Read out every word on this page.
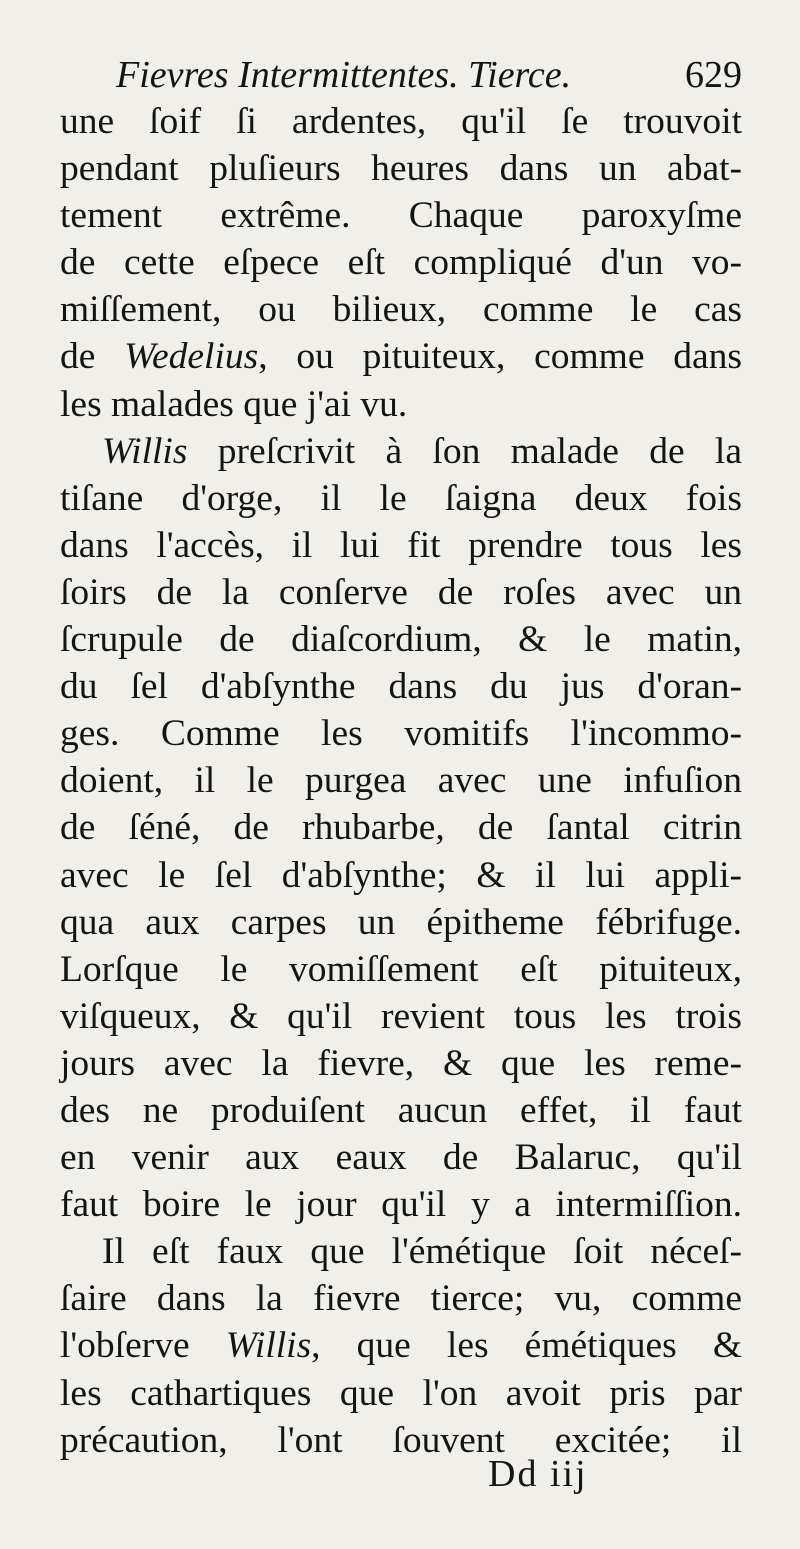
Fievres Intermittentes. Tierce.	629
une ſoif ſi ardentes, qu'il ſe trouvoit
pendant pluſieurs heures dans un abat-
tement extrême. Chaque paroxyſme
de cette eſpece eſt compliqué d'un vo-
miſſement, ou bilieux, comme le cas
de Wedelius, ou pituiteux, comme dans
les malades que j'ai vu.
Willis preſcrivit à ſon malade de la
tiſane d'orge, il le ſaigna deux fois
dans l'accès, il lui fit prendre tous les
ſoirs de la conſerve de roſes avec un
ſcrupule de diaſcordium, & le matin,
du ſel d'abſynthe dans du jus d'oran-
ges. Comme les vomitifs l'incommo-
doient, il le purgea avec une infuſion
de ſéné, de rhubarbe, de ſantal citrin
avec le ſel d'abſynthe; & il lui appli-
qua aux carpes un épitheme fébrifuge.
Lorſque le vomiſſement eſt pituiteux,
viſqueux, & qu'il revient tous les trois
jours avec la fievre, & que les reme-
des ne produiſent aucun effet, il faut
en venir aux eaux de Balaruc, qu'il
faut boire le jour qu'il y a intermiſſion.
Il eſt faux que l'émétique ſoit néceſ-
ſaire dans la fievre tierce; vu, comme
l'obſerve Willis, que les émétiques &
les cathartiques que l'on avoit pris par
précaution, l'ont ſouvent excitée; il
Dd iij
